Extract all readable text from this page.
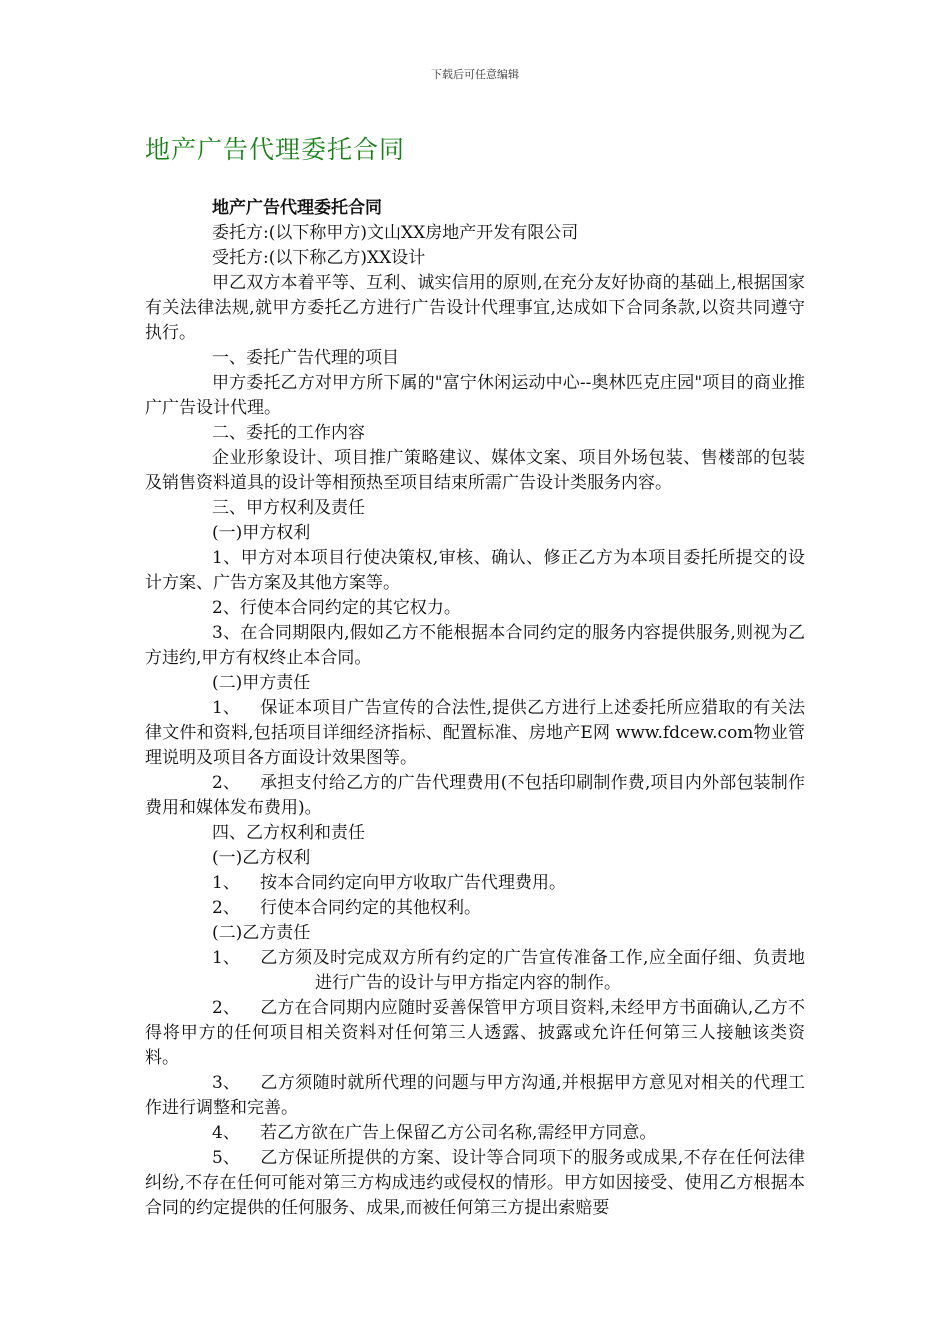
下载后可任意编辑
地产广告代理委托合同

地产广告代理委托合同

委托方:(以下称甲方)文山XX房地产开发有限公司

受托方:(以下称乙方)XX设计

甲乙双方本着平等、互利、诚实信用的原则,在充分友好协商的基础上,根据国家有关法律法规,就甲方委托乙方进行广告设计代理事宜,达成如下合同条款,以资共同遵守执行。

一、委托广告代理的项目

甲方委托乙方对甲方所下属的"富宁休闲运动中心--奥林匹克庄园"项目的商业推广广告设计代理。

二、委托的工作内容

企业形象设计、项目推广策略建议、媒体文案、项目外场包装、售楼部的包装及销售资料道具的设计等相预热至项目结束所需广告设计类服务内容。

三、甲方权利及责任

(一)甲方权利

1、甲方对本项目行使决策权,审核、确认、修正乙方为本项目委托所提交的设计方案、广告方案及其他方案等。

2、行使本合同约定的其它权力。

3、在合同期限内,假如乙方不能根据本合同约定的服务内容提供服务,则视为乙方违约,甲方有权终止本合同。

(二)甲方责任

1、 保证本项目广告宣传的合法性,提供乙方进行上述委托所应猎取的有关法律文件和资料,包括项目详细经济指标、配置标准、房地产E网 www.fdcew.com物业管理说明及项目各方面设计效果图等。

2、 承担支付给乙方的广告代理费用(不包括印刷制作费,项目内外部包装制作费用和媒体发布费用)。

四、乙方权利和责任

(一)乙方权利

1、 按本合同约定向甲方收取广告代理费用。

2、 行使本合同约定的其他权利。

(二)乙方责任

1、 乙方须及时完成双方所有约定的广告宣传准备工作,应全面仔细、负责地进行广告的设计与甲方指定内容的制作。

2、 乙方在合同期内应随时妥善保管甲方项目资料,未经甲方书面确认,乙方不得将甲方的任何项目相关资料对任何第三人透露、披露或允许任何第三人接触该类资料。

3、 乙方须随时就所代理的问题与甲方沟通,并根据甲方意见对相关的代理工作进行调整和完善。

4、 若乙方欲在广告上保留乙方公司名称,需经甲方同意。

5、 乙方保证所提供的方案、设计等合同项下的服务或成果,不存在任何法律纠纷,不存在任何可能对第三方构成违约或侵权的情形。甲方如因接受、使用乙方根据本合同的约定提供的任何服务、成果,而被任何第三方提出索赔要
